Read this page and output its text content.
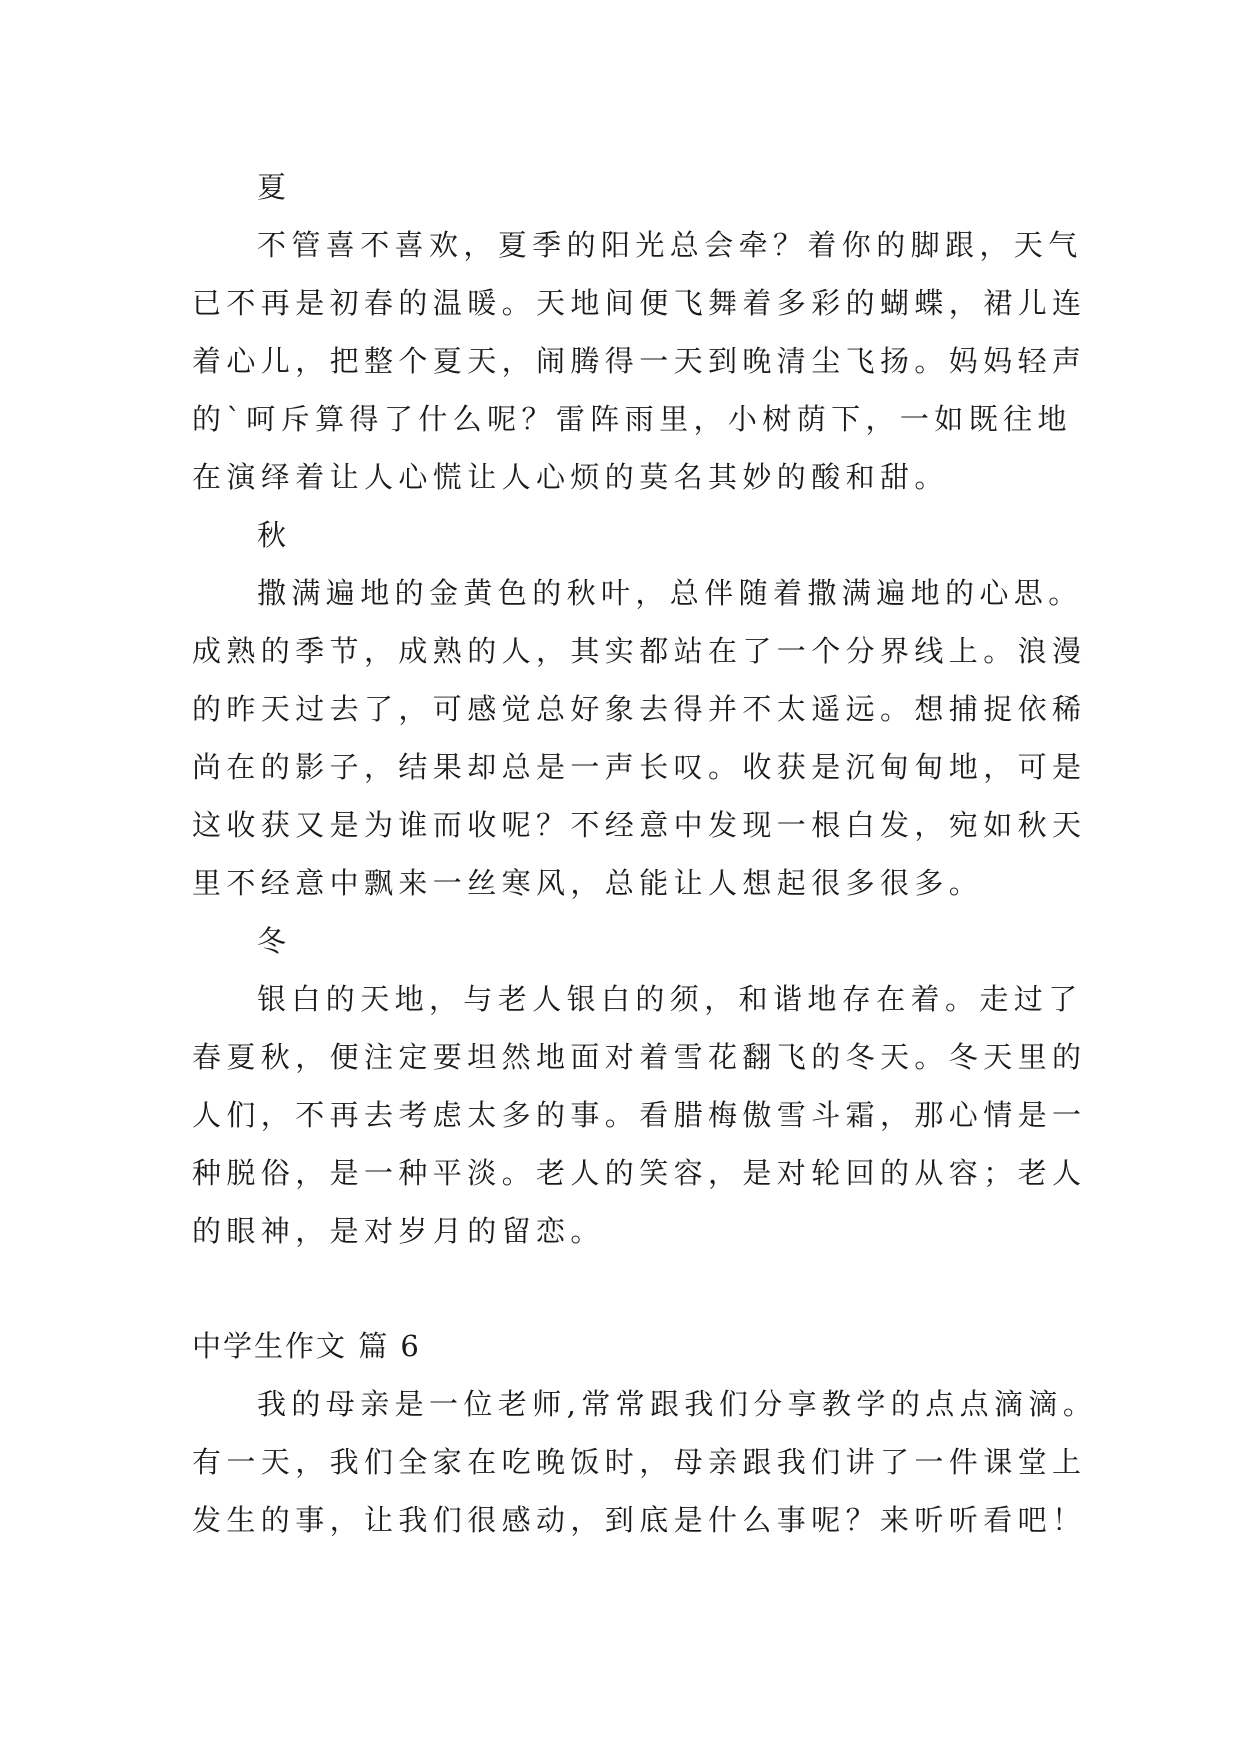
夏
不管喜不喜欢，夏季的阳光总会牵？着你的脚跟，天气
已不再是初春的温暖。天地间便飞舞着多彩的蝴蝶，裙儿连
着心儿，把整个夏天，闹腾得一天到晚清尘飞扬。妈妈轻声
的`呵斥算得了什么呢？雷阵雨里，小树荫下，一如既往地
在演绎着让人心慌让人心烦的莫名其妙的酸和甜。
秋
撒满遍地的金黄色的秋叶，总伴随着撒满遍地的心思。
成熟的季节，成熟的人，其实都站在了一个分界线上。浪漫
的昨天过去了，可感觉总好象去得并不太遥远。想捕捉依稀
尚在的影子，结果却总是一声长叹。收获是沉甸甸地，可是
这收获又是为谁而收呢？不经意中发现一根白发，宛如秋天
里不经意中飘来一丝寒风，总能让人想起很多很多。
冬
银白的天地，与老人银白的须，和谐地存在着。走过了
春夏秋，便注定要坦然地面对着雪花翻飞的冬天。冬天里的
人们，不再去考虑太多的事。看腊梅傲雪斗霜，那心情是一
种脱俗，是一种平淡。老人的笑容，是对轮回的从容；老人
的眼神，是对岁月的留恋。
中学生作文 篇 6
我的母亲是一位老师,常常跟我们分享教学的点点滴滴。
有一天，我们全家在吃晚饭时，母亲跟我们讲了一件课堂上
发生的事，让我们很感动，到底是什么事呢？来听听看吧！
